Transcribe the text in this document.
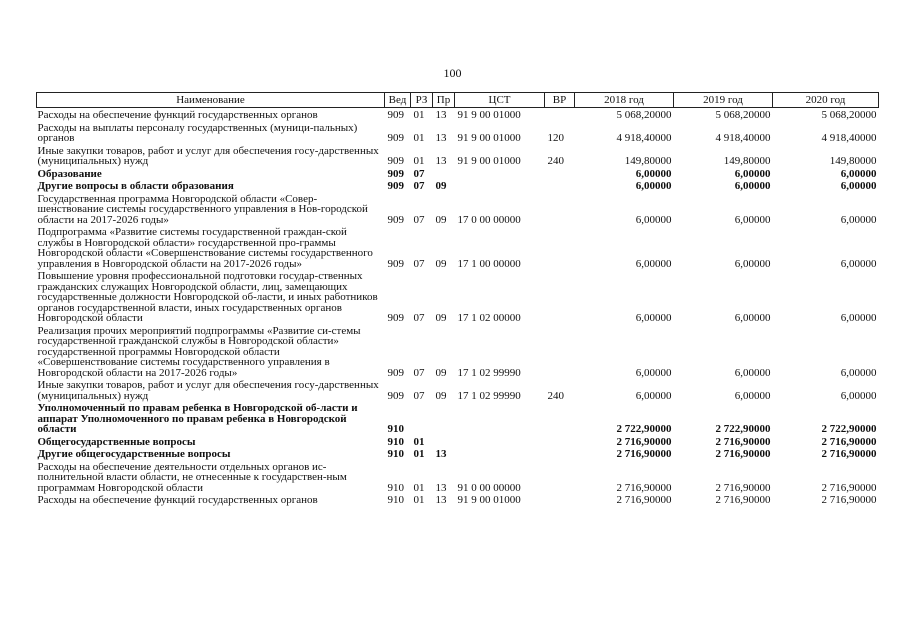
100
Наименование	Вед	РЗ	Пр	ЦСТ	ВР	2018 год	2019 год	2020 год
Расходы на обеспечение функций государственных органов	909	01	13	91 9 00 01000		5 068,20000	5 068,20000	5 068,20000
Расходы на выплаты персоналу государственных (муници-пальных) органов	909	01	13	91 9 00 01000	120	4 918,40000	4 918,40000	4 918,40000
Иные закупки товаров, работ и услуг для обеспечения госу-дарственных (муниципальных) нужд	909	01	13	91 9 00 01000	240	149,80000	149,80000	149,80000
Образование	909	07				6,00000	6,00000	6,00000
Другие вопросы в области образования	909	07	09			6,00000	6,00000	6,00000
Государственная программа Новгородской области «Совер-шенствование системы государственного управления в Нов-городской области на 2017-2026 годы»	909	07	09	17 0 00 00000		6,00000	6,00000	6,00000
Подпрограмма «Развитие системы государственной граждан-ской службы в Новгородской области» государственной про-граммы Новгородской области «Совершенствование системы государственного управления в Новгородской области на 2017-2026 годы»	909	07	09	17 1 00 00000		6,00000	6,00000	6,00000
Повышение уровня профессиональной подготовки государ-ственных гражданских служащих Новгородской области, лиц, замещающих государственные должности Новгородской об-ласти, и иных работников органов государственной власти, иных государственных органов Новгородской области	909	07	09	17 1 02 00000		6,00000	6,00000	6,00000
Реализация прочих мероприятий подпрограммы «Развитие си-стемы государственной гражданской службы в Новгородской области» государственной программы Новгородской области «Совершенствование системы государственного управления в Новгородской области на 2017-2026 годы»	909	07	09	17 1 02 99990		6,00000	6,00000	6,00000
Иные закупки товаров, работ и услуг для обеспечения госу-дарственных (муниципальных) нужд	909	07	09	17 1 02 99990	240	6,00000	6,00000	6,00000
Уполномоченный по правам ребенка в Новгородской об-ласти и аппарат Уполномоченного по правам ребенка в Новгородской области	910					2 722,90000	2 722,90000	2 722,90000
Общегосударственные вопросы	910	01				2 716,90000	2 716,90000	2 716,90000
Другие общегосударственные вопросы	910	01	13			2 716,90000	2 716,90000	2 716,90000
Расходы на обеспечение деятельности отдельных органов ис-полнительной власти области, не отнесенные к государствен-ным программам Новгородской области	910	01	13	91 0 00 00000		2 716,90000	2 716,90000	2 716,90000
Расходы на обеспечение функций государственных органов	910	01	13	91 9 00 01000		2 716,90000	2 716,90000	2 716,90000
